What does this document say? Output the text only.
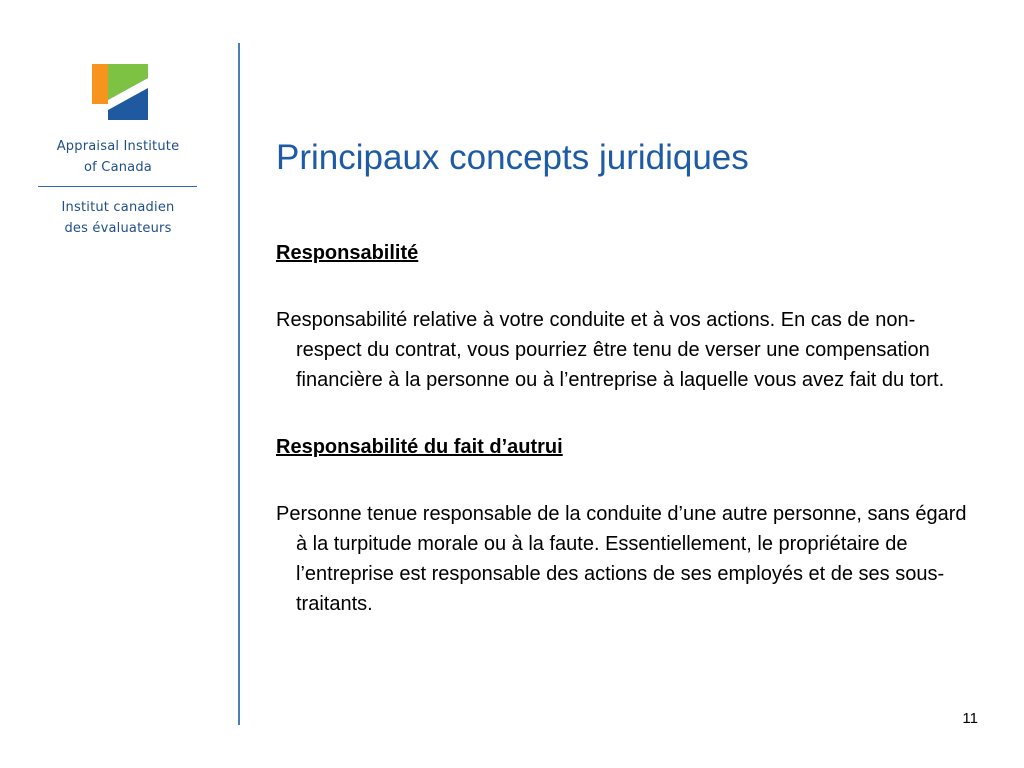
Appraisal Institute
of Canada
Institut canadien
des évaluateurs
Principaux concepts juridiques

Responsabilité

Responsabilité relative à votre conduite et à vos actions. En cas de non-respect du contrat, vous pourriez être tenu de verser une compensation financière à la personne ou à l’entreprise à laquelle vous avez fait du tort.

Responsabilité du fait d’autrui

Personne tenue responsable de la conduite d’une autre personne, sans égard à la turpitude morale ou à la faute. Essentiellement, le propriétaire de l’entreprise est responsable des actions de ses employés et de ses sous-traitants.

11
